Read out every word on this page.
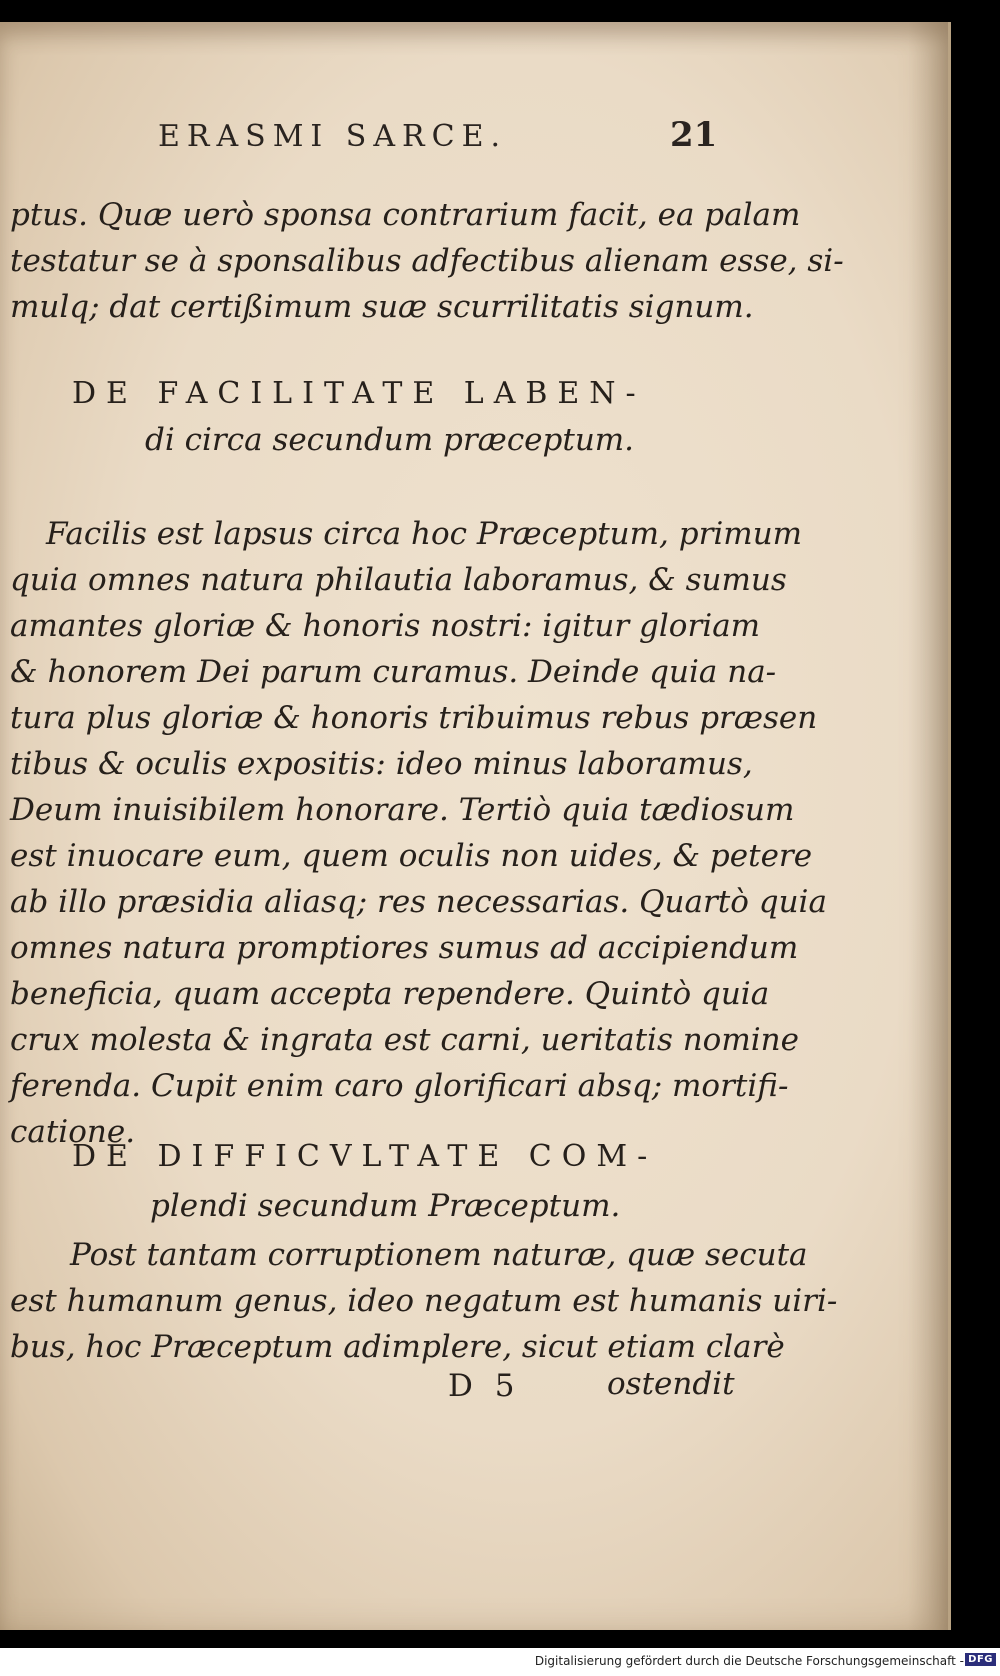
ERASMI SARCE.	21
ptus. Quæ uerò sponsa contrarium facit, ea palam
testatur se à sponsalibus adfectibus alienam esse, si-
mulq; dat certißimum suæ scurrilitatis signum.
DE FACILITATE LABEN-
di circa secundum præceptum.
Facilis est lapsus circa hoc Præceptum, primum
quia omnes natura philautia laboramus, & sumus
amantes gloriæ & honoris nostri: igitur gloriam
& honorem Dei parum curamus. Deinde quia na-
tura plus gloriæ & honoris tribuimus rebus præsen
tibus & oculis expositis: ideo minus laboramus,
Deum inuisibilem honorare. Tertiò quia tædiosum
est inuocare eum, quem oculis non uides, & petere
ab illo præsidia aliasq; res necessarias. Quartò quia
omnes natura promptiores sumus ad accipiendum
beneficia, quam accepta rependere. Quintò quia
crux molesta & ingrata est carni, ueritatis nomine
ferenda. Cupit enim caro glorificari absq; mortifi-
catione.
DE DIFFICVLTATE COM-
plendi secundum Præceptum.
Post tantam corruptionem naturæ, quæ secuta
est humanum genus, ideo negatum est humanis uiri-
bus, hoc Præceptum adimplere, sicut etiam clarè
D 5	ostendit
Digitalisierung gefördert durch die Deutsche Forschungsgemeinschaft - DFG
